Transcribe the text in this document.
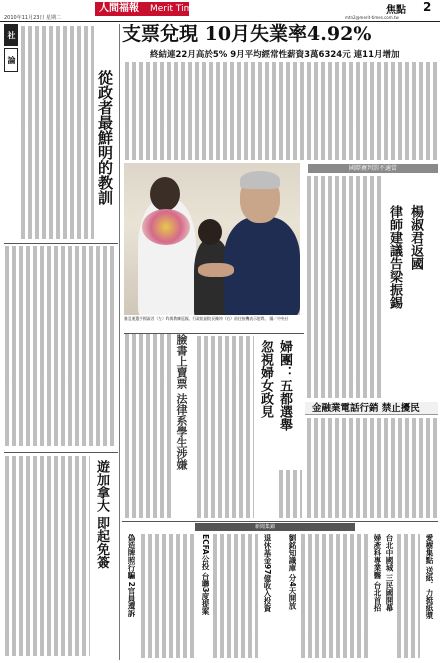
人間福報	Merit Times
2010年11月23日 星期二	mtn2@merit-times.com.tw
焦點 2
支票兌現 10月失業率4.92%
終結連22月高於5% 9月平均經常性薪資3萬6324元 連11月增加
社
論
從政者最鮮明的教訓
遊加拿大 即起免簽
雅亞運選手楊淑君（左）昨與教練返國，行政院副院長陳冲（右）前往接機表示慰問。 圖／中央社
國際賽判罰不適當
楊淑君返國
律師建議告梁振錫
婦團：五都選舉
忽視婦女政見
臉書上賣票 法律系學生涉嫌	金融業電話行銷 禁止擾民
新聞集錦
愛樹集點 送紙．力挺紙漿
台北中國城 三民國開幕
婦產科專業醫 台北首招
劉銘知識庫 分4天開放
退休基金97億收入投資
ECFA公投 台聯3度提案
偽造牌照行騙 2官員遭訴
